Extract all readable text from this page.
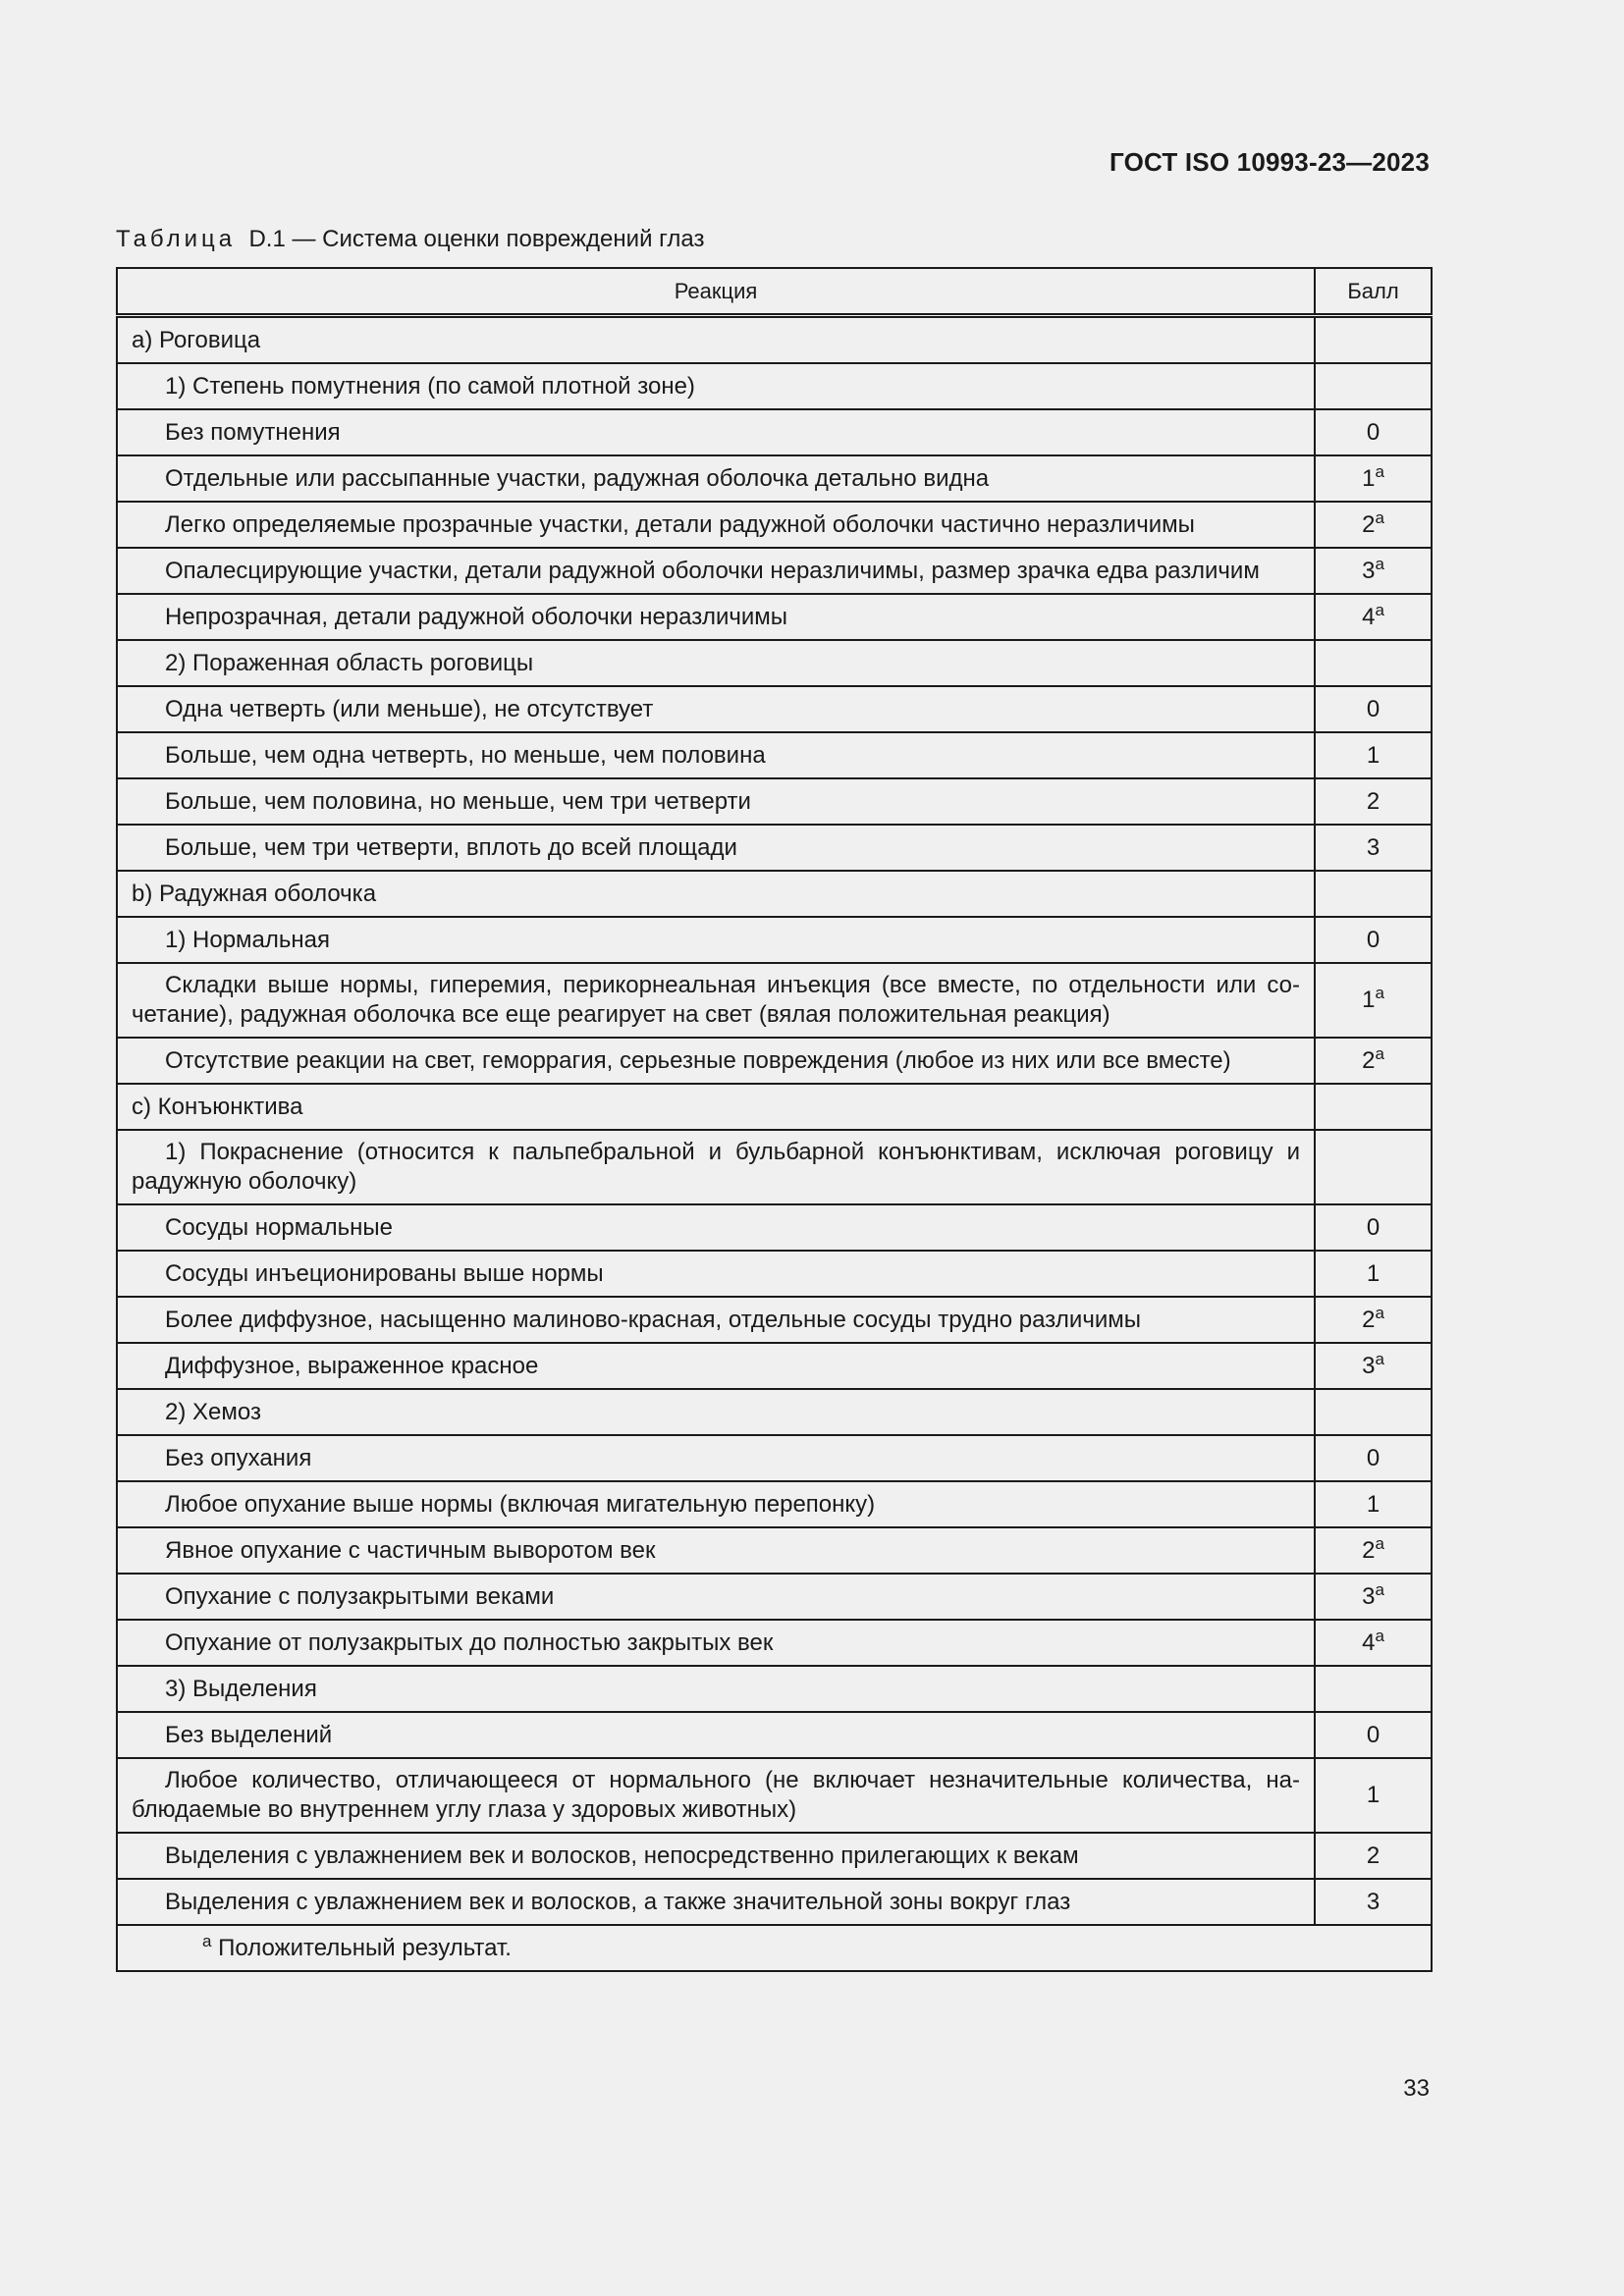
ГОСТ ISO 10993-23—2023
Таблица D.1 — Система оценки повреждений глаз
Реакция	Балл
a) Роговица	
1) Степень помутнения (по самой плотной зоне)	
Без помутнения	0
Отдельные или рассыпанные участки, радужная оболочка детально видна	1$^a$
Легко определяемые прозрачные участки, детали радужной оболочки частично неразличимы	2$^a$
Опалесцирующие участки, детали радужной оболочки неразличимы, размер зрачка едва различим	3$^a$
Непрозрачная, детали радужной оболочки неразличимы	4$^a$
2) Пораженная область роговицы	
Одна четверть (или меньше), не отсутствует	0
Больше, чем одна четверть, но меньше, чем половина	1
Больше, чем половина, но меньше, чем три четверти	2
Больше, чем три четверти, вплоть до всей площади	3
b) Радужная оболочка	
1) Нормальная	0
Складки выше нормы, гиперемия, перикорнеальная инъекция (все вместе, по отдельности или со-четание), радужная оболочка все еще реагирует на свет (вялая положительная реакция)	1$^a$
Отсутствие реакции на свет, геморрагия, серьезные повреждения (любое из них или все вместе)	2$^a$
c) Конъюнктива	
1) Покраснение (относится к пальпебральной и бульбарной конъюнктивам, исключая роговицу и радужную оболочку)	
Сосуды нормальные	0
Сосуды инъеционированы выше нормы	1
Более диффузное, насыщенно малиново-красная, отдельные сосуды трудно различимы	2$^a$
Диффузное, выраженное красное	3$^a$
2) Хемоз	
Без опухания	0
Любое опухание выше нормы (включая мигательную перепонку)	1
Явное опухание с частичным выворотом век	2$^a$
Опухание с полузакрытыми веками	3$^a$
Опухание от полузакрытых до полностью закрытых век	4$^a$
3) Выделения	
Без выделений	0
Любое количество, отличающееся от нормального (не включает незначительные количества, на-блюдаемые во внутреннем углу глаза у здоровых животных)	1
Выделения с увлажнением век и волосков, непосредственно прилегающих к векам	2
Выделения с увлажнением век и волосков, а также значительной зоны вокруг глаз	3
$^a$ Положительный результат.	
33
